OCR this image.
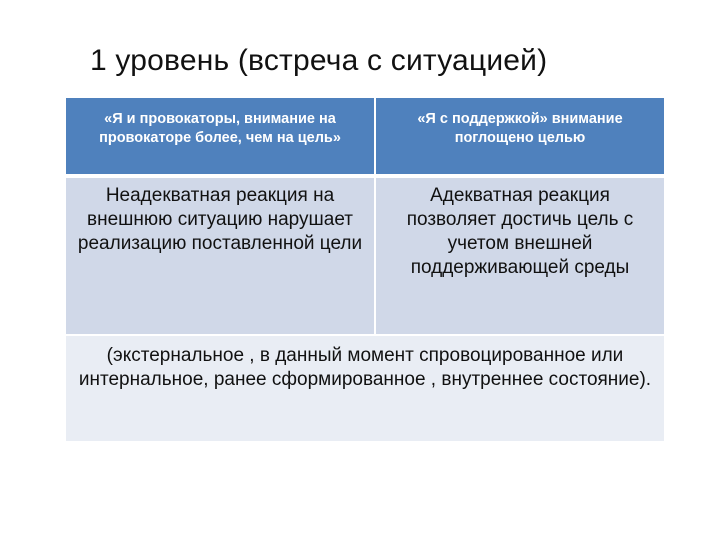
1 уровень (встреча с ситуацией)
«Я и провокаторы, внимание на провокаторе более, чем на цель»
«Я с поддержкой» внимание поглощено целью
Неадекватная реакция на внешнюю ситуацию нарушает реализацию поставленной цели
Адекватная реакция позволяет достичь цель с учетом внешней поддерживающей среды
(экстернальное , в данный момент спровоцированное или интернальное, ранее сформированное , внутреннее состояние).
